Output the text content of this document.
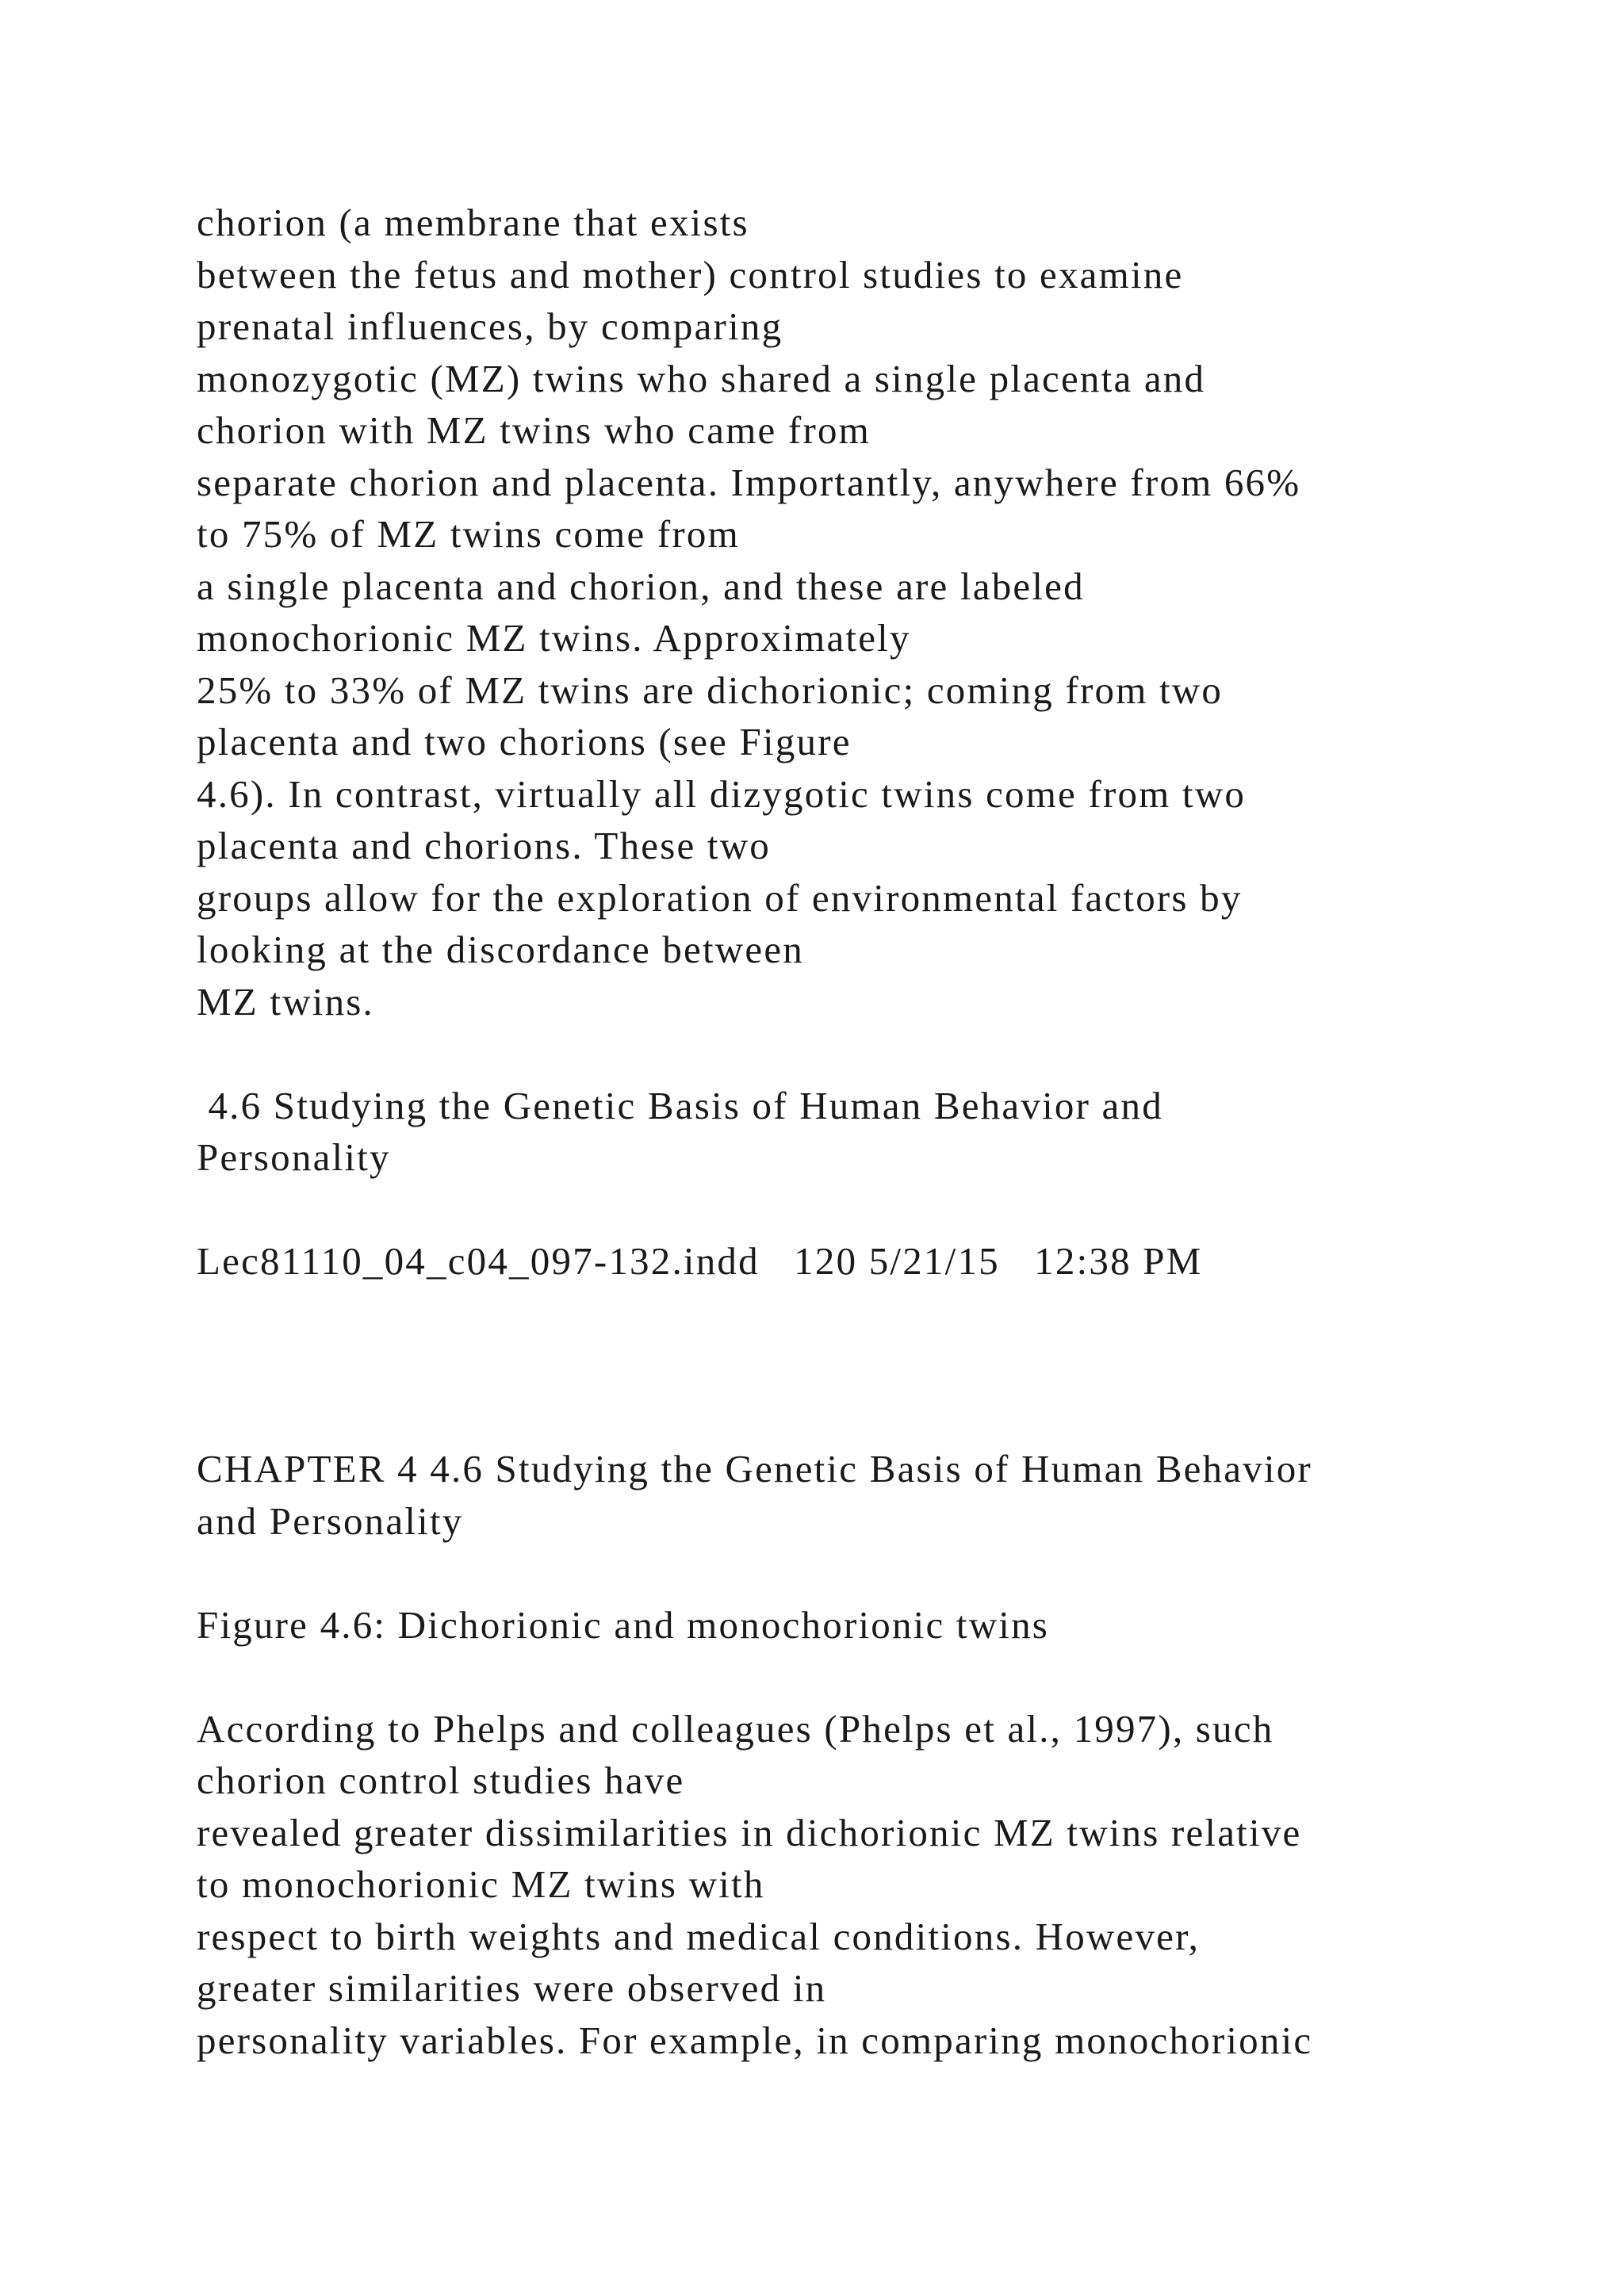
chorion (a membrane that exists
between the fetus and mother) control studies to examine
prenatal influences, by comparing
monozygotic (MZ) twins who shared a single placenta and
chorion with MZ twins who came from
separate chorion and placenta. Importantly, anywhere from 66%
to 75% of MZ twins come from
a single placenta and chorion, and these are labeled
monochorionic MZ twins. Approximately
25% to 33% of MZ twins are dichorionic; coming from two
placenta and two chorions (see Figure
4.6). In contrast, virtually all dizygotic twins come from two
placenta and chorions. These two
groups allow for the exploration of environmental factors by
looking at the discordance between
MZ twins.
4.6 Studying the Genetic Basis of Human Behavior and
Personality
Lec81110_04_c04_097-132.indd   120 5/21/15   12:38 PM
CHAPTER 4 4.6 Studying the Genetic Basis of Human Behavior
and Personality
Figure 4.6: Dichorionic and monochorionic twins
According to Phelps and colleagues (Phelps et al., 1997), such
chorion control studies have
revealed greater dissimilarities in dichorionic MZ twins relative
to monochorionic MZ twins with
respect to birth weights and medical conditions. However,
greater similarities were observed in
personality variables. For example, in comparing monochorionic
